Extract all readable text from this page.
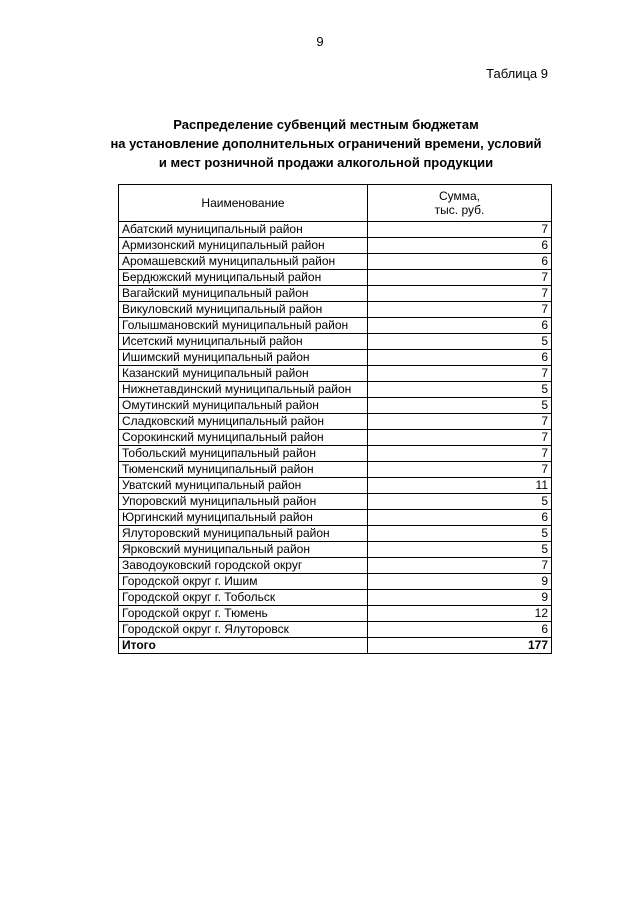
9
Таблица 9
Распределение субвенций местным бюджетам
на установление дополнительных ограничений времени, условий
и мест розничной продажи алкогольной продукции
Наименование	Сумма,
тыс. руб.

Абатский муниципальный район	7
Армизонский муниципальный район	6
Аромашевский муниципальный район	6
Бердюжский муниципальный район	7
Вагайский муниципальный район	7
Викуловский муниципальный район	7
Голышмановский муниципальный район	6
Исетский муниципальный район	5
Ишимский муниципальный район	6
Казанский муниципальный район	7
Нижнетавдинский муниципальный район	5
Омутинский муниципальный район	5
Сладковский муниципальный район	7
Сорокинский муниципальный район	7
Тобольский муниципальный район	7
Тюменский муниципальный район	7
Уватский муниципальный район	11
Упоровский муниципальный район	5
Юргинский муниципальный район	6
Ялуторовский муниципальный район	5
Ярковский муниципальный район	5
Заводоуковский городской округ	7
Городской округ г. Ишим	9
Городской округ г. Тобольск	9
Городской округ г. Тюмень	12
Городской округ г. Ялуторовск	6
Итого	177
